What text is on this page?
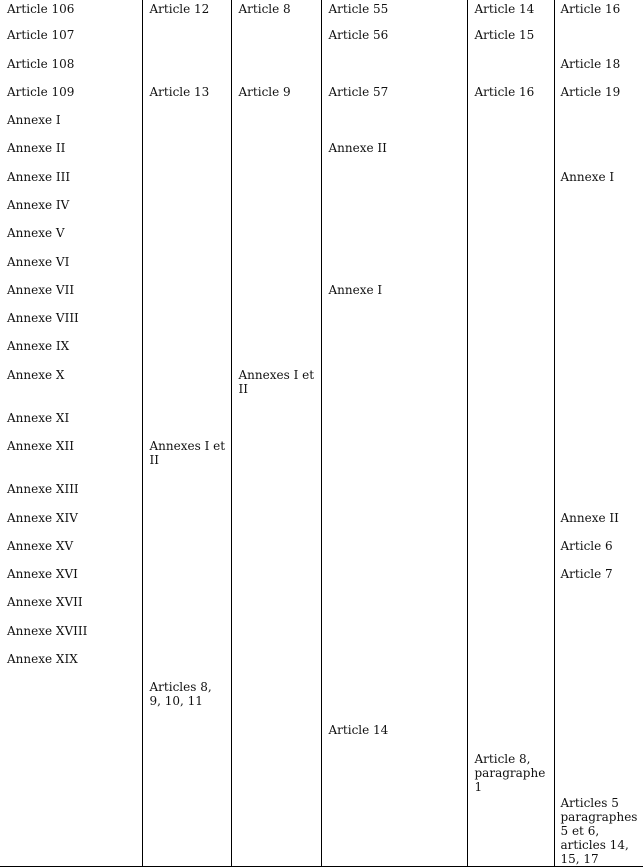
Article 106	Article 12	Article 8	Article 55	Article 14	Article 16
Article 107			Article 56	Article 15	
Article 108					Article 18
Article 109	Article 13	Article 9	Article 57	Article 16	Article 19
Annexe I					
Annexe II			Annexe II		
Annexe III					Annexe I
Annexe IV					
Annexe V					
Annexe VI					
Annexe VII			Annexe I		
Annexe VIII					
Annexe IX					
Annexe X		Annexes I et II			
Annexe XI					
Annexe XII	Annexes I et II				
Annexe XIII					
Annexe XIV					Annexe II
Annexe XV					Article 6
Annexe XVI					Article 7
Annexe XVII					
Annexe XVIII					
Annexe XIX					
	Articles 8, 9, 10, 11				
			Article 14		
				Article 8, paragraphe 1	
					Articles 5 paragraphes 5 et 6, articles 14, 15, 17
